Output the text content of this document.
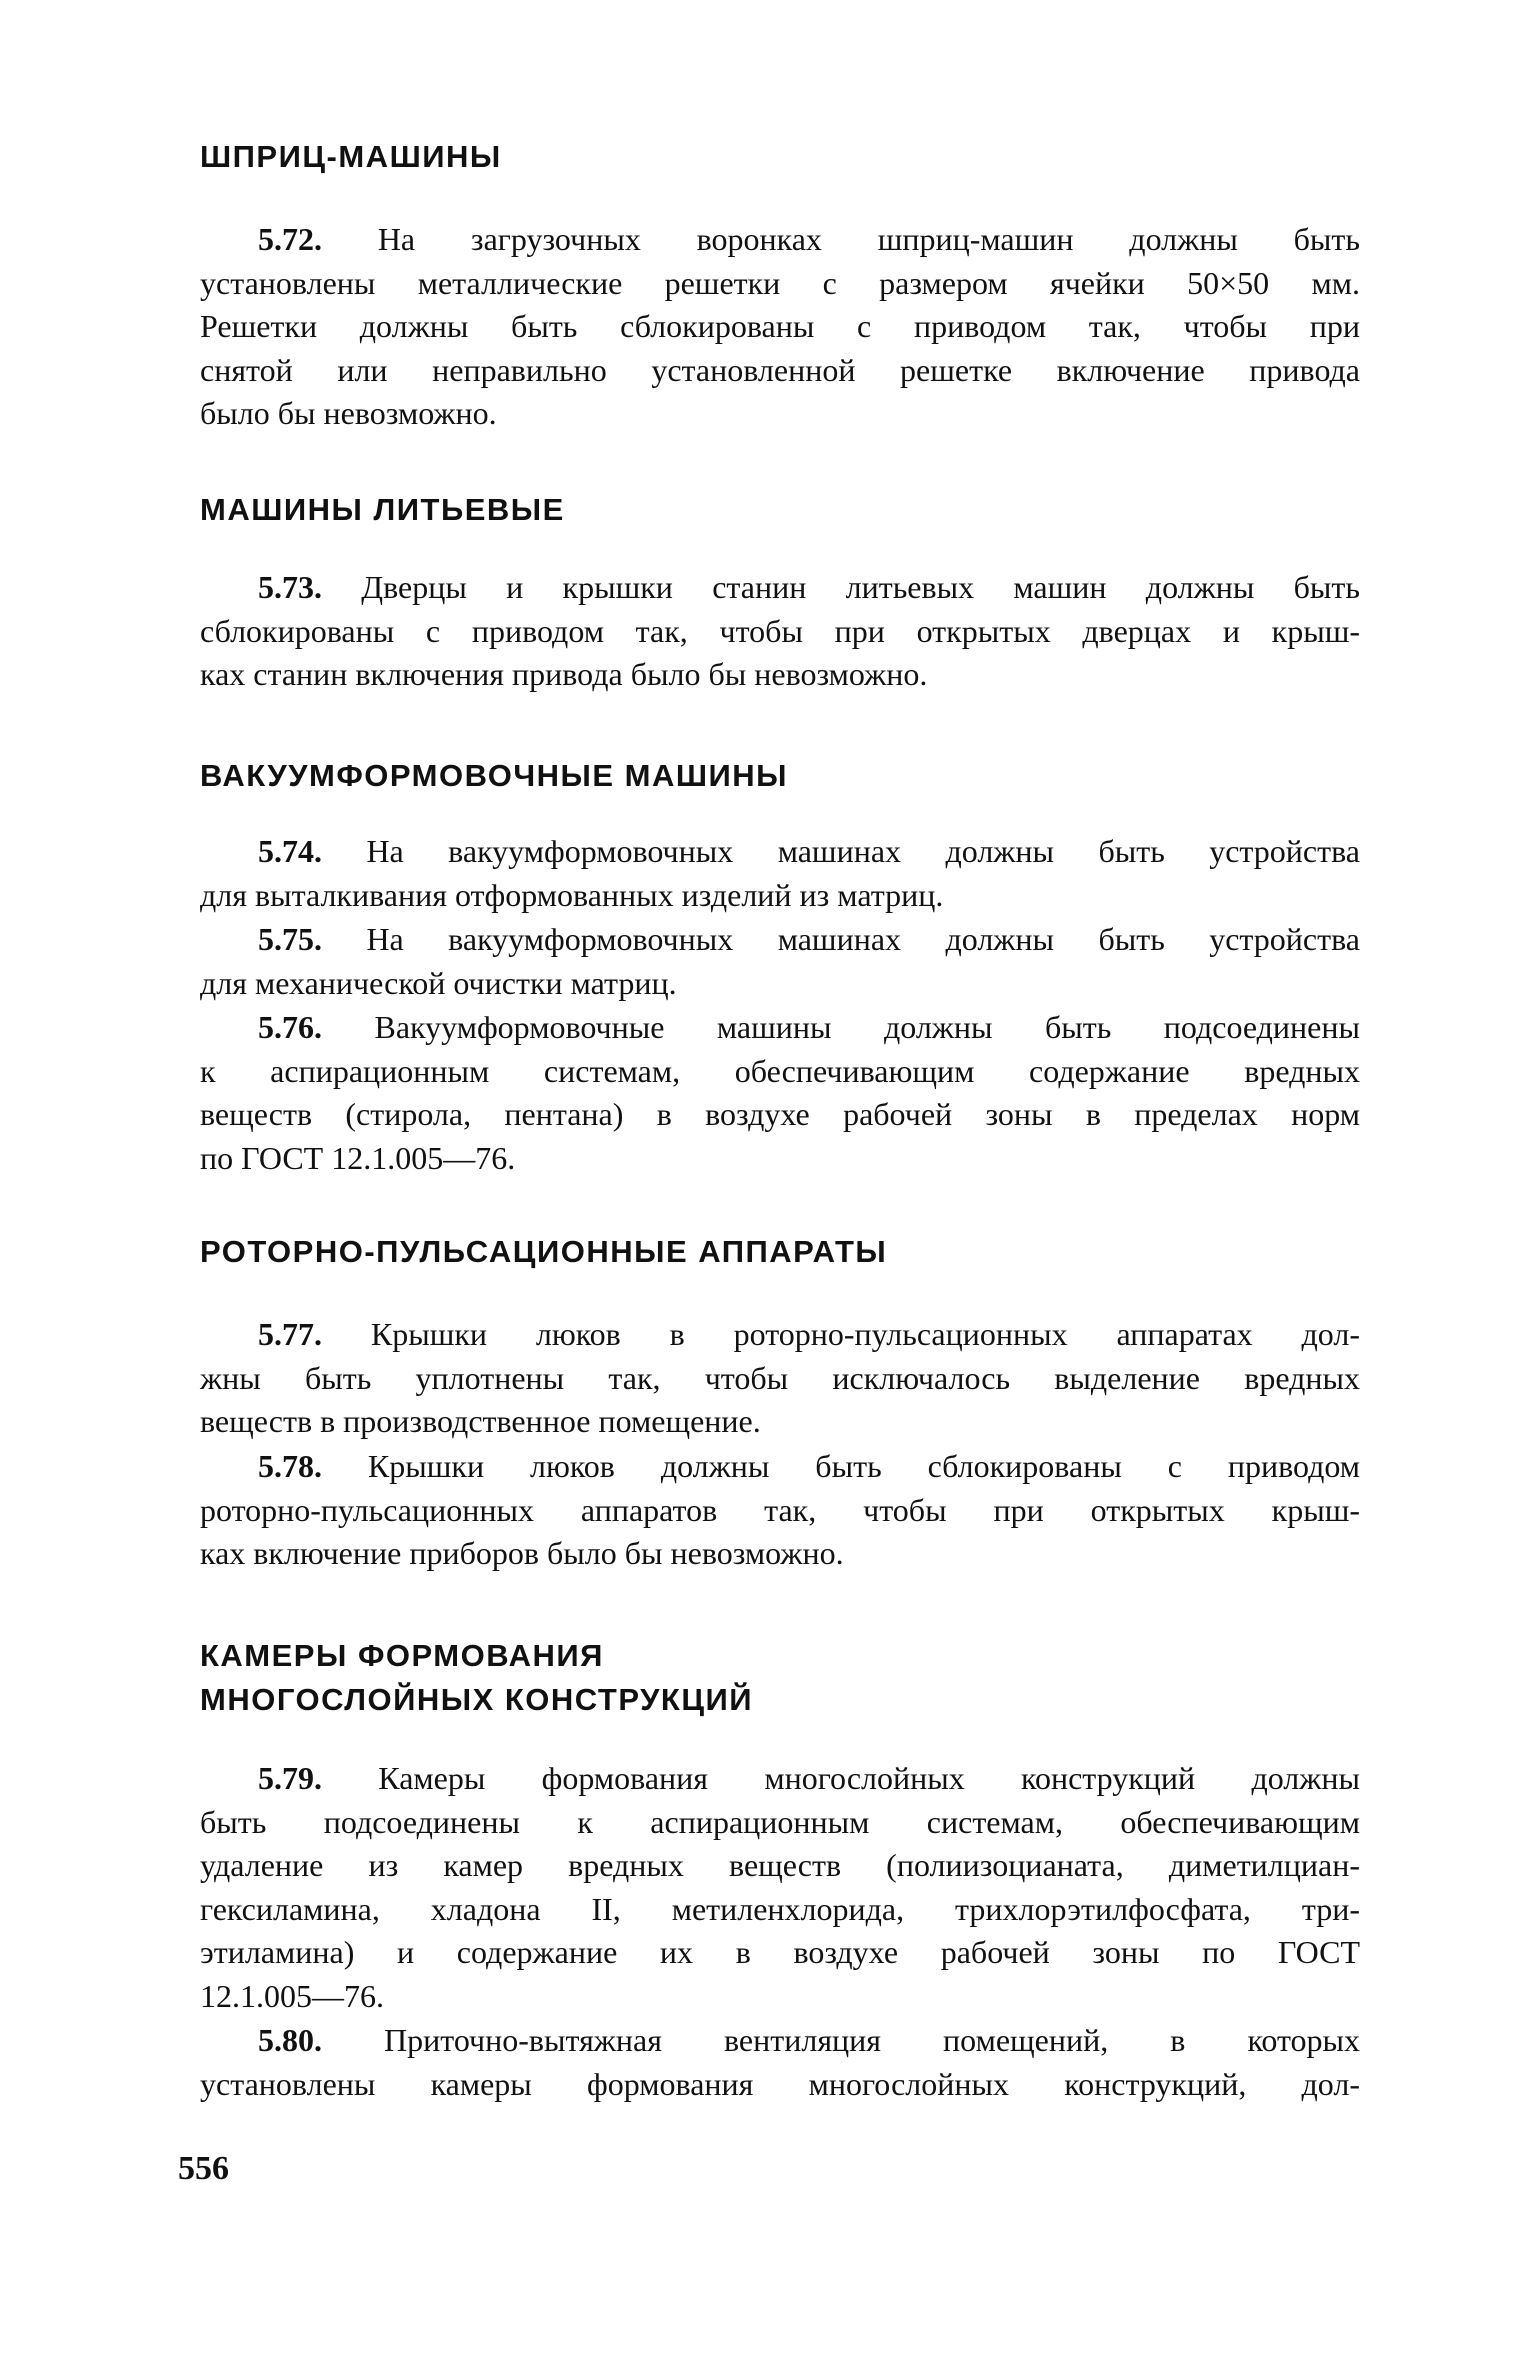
ШПРИЦ-МАШИНЫ
5.72. На загрузочных воронках шприц-машин должны быть
установлены металлические решетки с размером ячейки 50×50 мм.
Решетки должны быть сблокированы с приводом так, чтобы при
снятой или неправильно установленной решетке включение привода
было бы невозможно.
МАШИНЫ ЛИТЬЕВЫЕ
5.73. Дверцы и крышки станин литьевых машин должны быть
сблокированы с приводом так, чтобы при открытых дверцах и крыш-
ках станин включения привода было бы невозможно.
ВАКУУМФОРМОВОЧНЫЕ МАШИНЫ
5.74. На вакуумформовочных машинах должны быть устройства
для выталкивания отформованных изделий из матриц.
5.75. На вакуумформовочных машинах должны быть устройства
для механической очистки матриц.
5.76. Вакуумформовочные машины должны быть подсоединены
к аспирационным системам, обеспечивающим содержание вредных
веществ (стирола, пентана) в воздухе рабочей зоны в пределах норм
по ГОСТ 12.1.005—76.
РОТОРНО-ПУЛЬСАЦИОННЫЕ АППАРАТЫ
5.77. Крышки люков в роторно-пульсационных аппаратах дол-
жны быть уплотнены так, чтобы исключалось выделение вредных
веществ в производственное помещение.
5.78. Крышки люков должны быть сблокированы с приводом
роторно-пульсационных аппаратов так, чтобы при открытых крыш-
ках включение приборов было бы невозможно.
КАМЕРЫ ФОРМОВАНИЯ
МНОГОСЛОЙНЫХ КОНСТРУКЦИЙ
5.79. Камеры формования многослойных конструкций должны
быть подсоединены к аспирационным системам, обеспечивающим
удаление из камер вредных веществ (полиизоцианата, диметилциан-
гексиламина, хладона II, метиленхлорида, трихлорэтилфосфата, три-
этиламина) и содержание их в воздухе рабочей зоны по ГОСТ
12.1.005—76.
5.80. Приточно-вытяжная вентиляция помещений, в которых
установлены камеры формования многослойных конструкций, дол-
556
